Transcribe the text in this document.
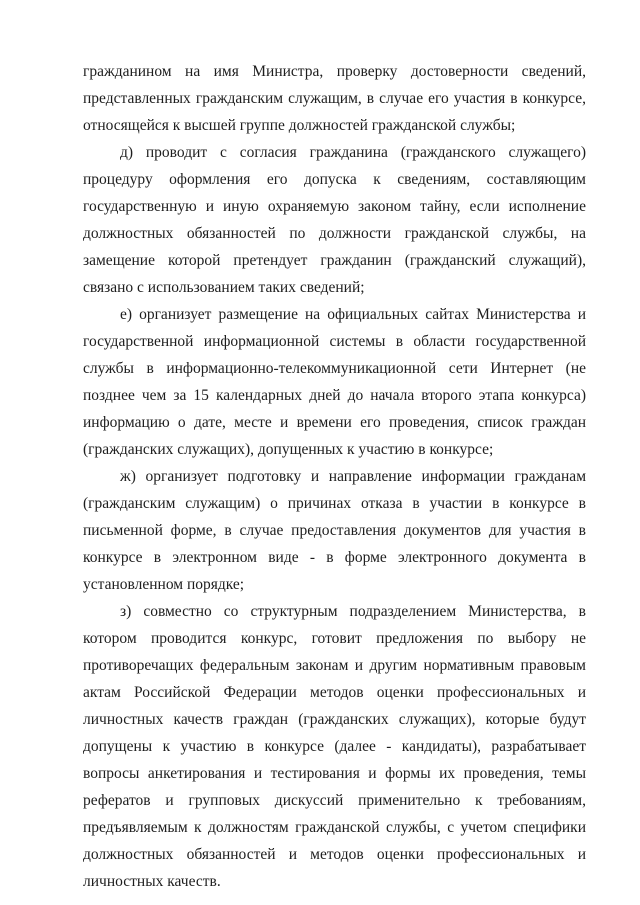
гражданином на имя Министра, проверку достоверности сведений, представленных гражданским служащим, в случае его участия в конкурсе, относящейся к высшей группе должностей гражданской службы;

д) проводит с согласия гражданина (гражданского служащего) процедуру оформления его допуска к сведениям, составляющим государственную и иную охраняемую законом тайну, если исполнение должностных обязанностей по должности гражданской службы, на замещение которой претендует гражданин (гражданский служащий), связано с использованием таких сведений;

е) организует размещение на официальных сайтах Министерства и государственной информационной системы в области государственной службы в информационно-телекоммуникационной сети Интернет (не позднее чем за 15 календарных дней до начала второго этапа конкурса) информацию о дате, месте и времени его проведения, список граждан (гражданских служащих), допущенных к участию в конкурсе;

ж) организует подготовку и направление информации гражданам (гражданским служащим) о причинах отказа в участии в конкурсе в письменной форме, в случае предоставления документов для участия в конкурсе в электронном виде - в форме электронного документа в установленном порядке;

з) совместно со структурным подразделением Министерства, в котором проводится конкурс, готовит предложения по выбору не противоречащих федеральным законам и другим нормативным правовым актам Российской Федерации методов оценки профессиональных и личностных качеств граждан (гражданских служащих), которые будут допущены к участию в конкурсе (далее - кандидаты), разрабатывает вопросы анкетирования и тестирования и формы их проведения, темы рефератов и групповых дискуссий применительно к требованиям, предъявляемым к должностям гражданской службы, с учетом специфики должностных обязанностей и методов оценки профессиональных и личностных качеств.
